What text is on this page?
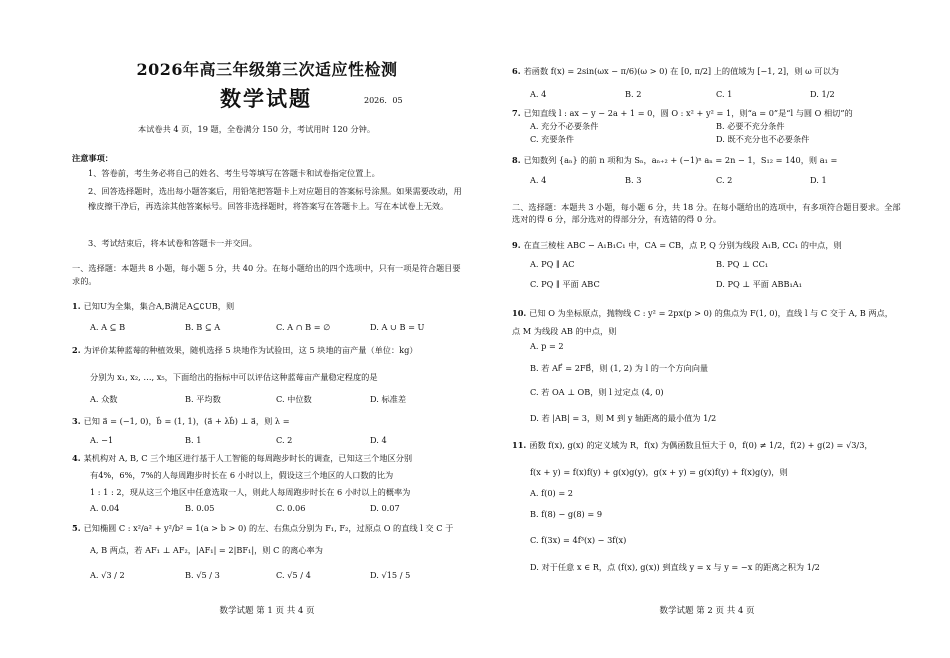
2026年高三年级第三次适应性检测
数学试题	2026．05
本试卷共 4 页，19 题，全卷满分 150 分，考试用时 120 分钟。
注意事项：
1、答卷前，考生务必将自己的姓名、考生号等填写在答题卡和试卷指定位置上。
2、回答选择题时，选出每小题答案后，用铅笔把答题卡上对应题目的答案标号涂黑。如果需要改动，用橡皮擦干净后，再选涂其他答案标号。回答非选择题时，将答案写在答题卡上。写在本试卷上无效。
3、考试结束后，将本试卷和答题卡一并交回。
一、选择题：本题共 8 小题，每小题 5 分，共 40 分。在每小题给出的四个选项中，只有一项是符合题目要求的。
1. 已知U为全集，集合A,B满足A⊆∁UB，则
A. A ⊆ B	B. B ⊆ A	C. A ∩ B = ∅	D. A ∪ B = U
2. 为评价某种蓝莓的种植效果，随机选择 5 块地作为试验田，这 5 块地的亩产量（单位：kg）
分别为 x₁, x₂, …, x₅，下面给出的指标中可以评估这种蓝莓亩产量稳定程度的是
A. 众数	B. 平均数	C. 中位数	D. 标准差
3. 已知 a⃗ = (−1, 0)，b⃗ = (1, 1)，(a⃗ + λb⃗) ⊥ a⃗，则 λ =
A. −1	B. 1	C. 2	D. 4
4. 某机构对 A, B, C 三个地区进行基于人工智能的每周跑步时长的调查，已知这三个地区分别
有4%，6%，7%的人每周跑步时长在 6 小时以上，假设这三个地区的人口数的比为
1 : 1 : 2，现从这三个地区中任意选取一人，则此人每周跑步时长在 6 小时以上的概率为
A. 0.04	B. 0.05	C. 0.06	D. 0.07
5. 已知椭圆 C : x²/a² + y²/b² = 1(a > b > 0) 的左、右焦点分别为 F₁, F₂，过原点 O 的直线 l 交 C 于
A, B 两点，若 AF₁ ⊥ AF₂，|AF₁| = 2|BF₁|，则 C 的离心率为
A. √3 / 2	B. √5 / 3	C. √5 / 4	D. √15 / 5
数学试题 第 1 页 共 4 页
6. 若函数 f(x) = 2sin(ωx − π/6)(ω > 0) 在 [0, π/2] 上的值域为 [−1, 2]，则 ω 可以为
A. 4	B. 2	C. 1	D. 1/2
7. 已知直线 l : ax − y − 2a + 1 = 0，圆 O : x² + y² = 1，则“a = 0”是“l 与圆 O 相切”的
A. 充分不必要条件	B. 必要不充分条件
C. 充要条件	D. 既不充分也不必要条件
8. 已知数列 {aₙ} 的前 n 项和为 Sₙ，aₙ₊₂ + (−1)ⁿ aₙ = 2n − 1，S₁₂ = 140，则 a₁ =
A. 4	B. 3	C. 2	D. 1
二、选择题：本题共 3 小题，每小题 6 分，共 18 分。在每小题给出的选项中，有多项符合题目要求。全部选对的得 6 分，部分选对的得部分分，有选错的得 0 分。
9. 在直三棱柱 ABC − A₁B₁C₁ 中，CA = CB，点 P, Q 分别为线段 A₁B, CC₁ 的中点，则
A. PQ ∥ AC	B. PQ ⊥ CC₁
C. PQ ∥ 平面 ABC	D. PQ ⊥ 平面 ABB₁A₁
10. 已知 O 为坐标原点，抛物线 C : y² = 2px(p > 0) 的焦点为 F(1, 0)，直线 l 与 C 交于 A, B 两点，
点 M 为线段 AB 的中点，则
A. p = 2
B. 若 AF⃗ = 2FB⃗，则 (1, 2) 为 l 的一个方向向量
C. 若 OA ⊥ OB，则 l 过定点 (4, 0)
D. 若 |AB| = 3，则 M 到 y 轴距离的最小值为 1/2
11. 函数 f(x), g(x) 的定义域为 R，f(x) 为偶函数且恒大于 0，f(0) ≠ 1/2，f(2) + g(2) = √3/3，
f(x + y) = f(x)f(y) + g(x)g(y)，g(x + y) = g(x)f(y) + f(x)g(y)，则
A. f(0) = 2
B. f(8) − g(8) = 9
C. f(3x) = 4f³(x) − 3f(x)
D. 对于任意 x ∈ R，点 (f(x), g(x)) 到直线 y = x 与 y = −x 的距离之积为 1/2
数学试题 第 2 页 共 4 页
